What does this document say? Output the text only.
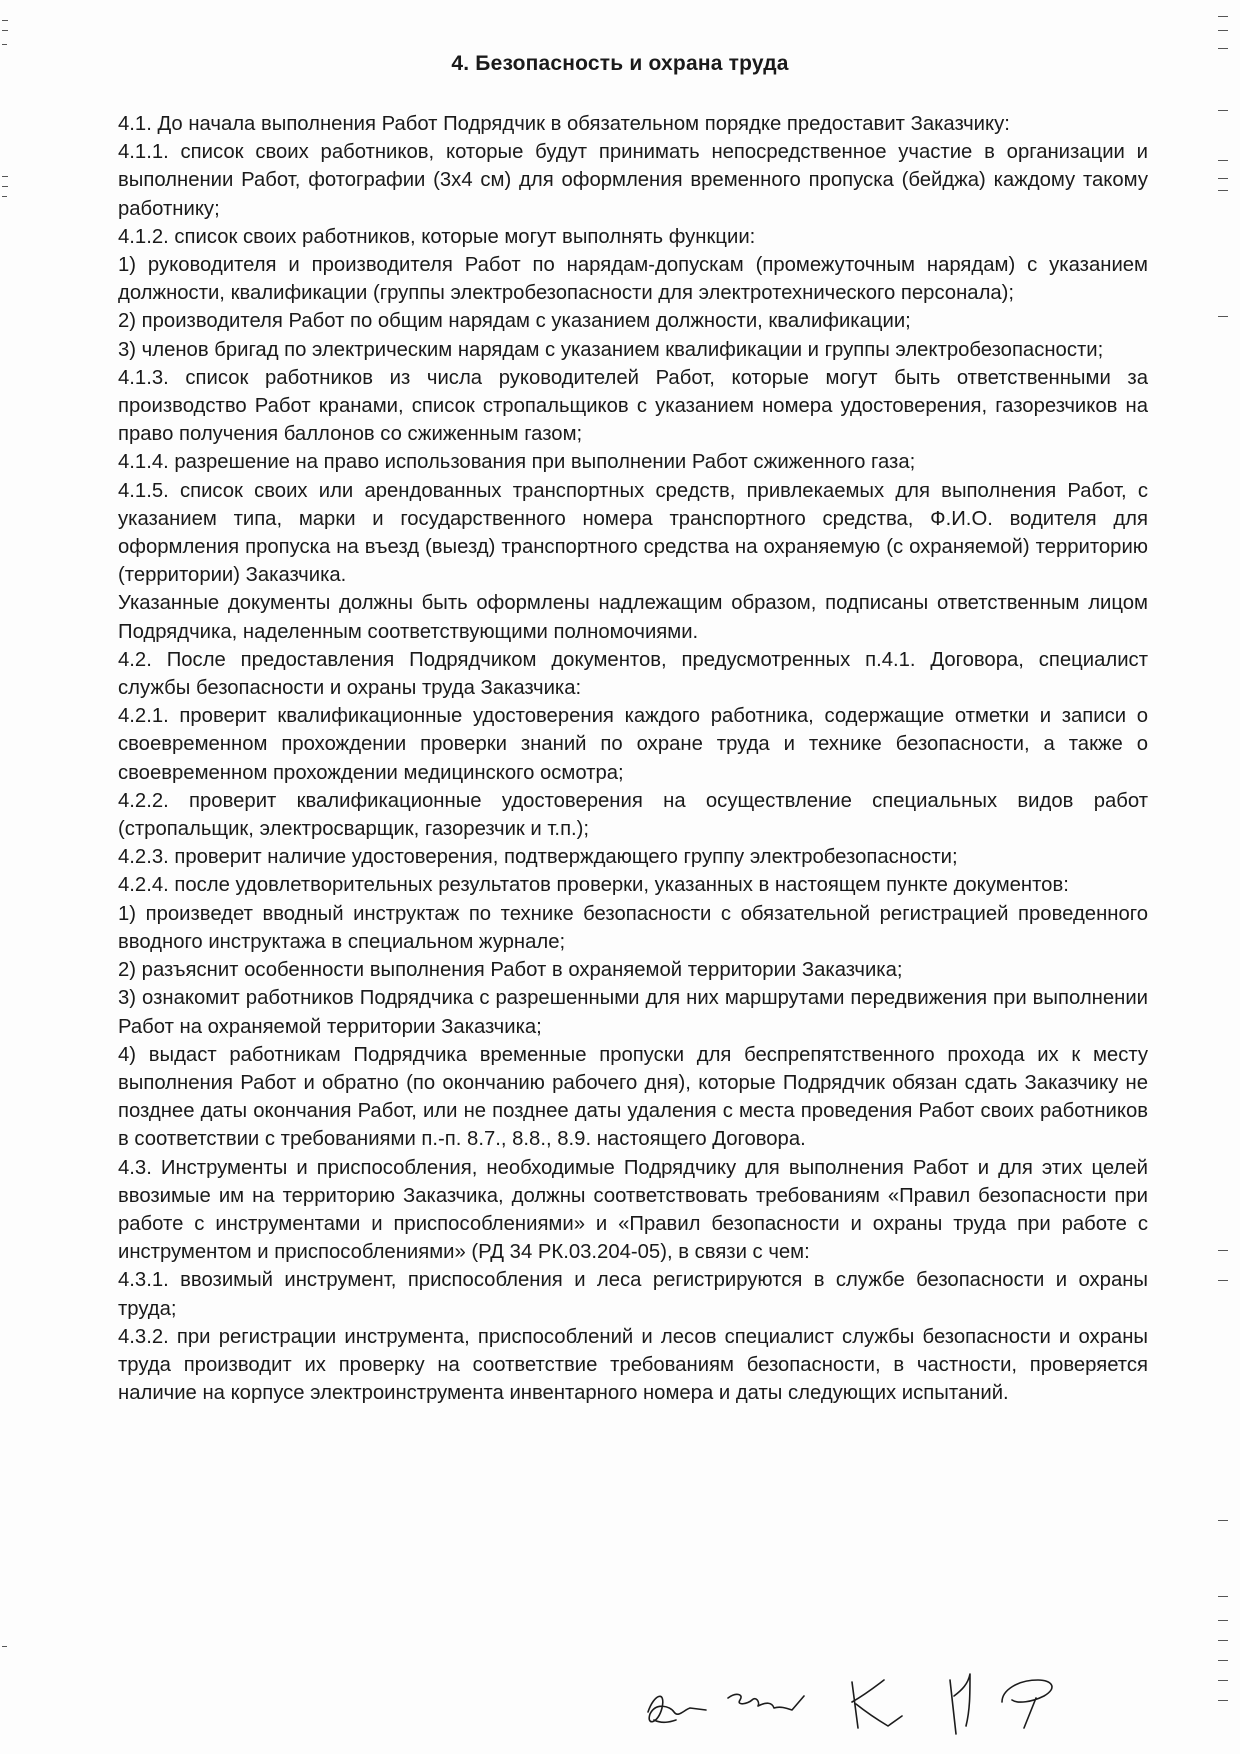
4. Безопасность и охрана труда

4.1. До начала выполнения Работ Подрядчик в обязательном порядке предоставит Заказчику:

4.1.1. список своих работников, которые будут принимать непосредственное участие в организации и выполнении Работ, фотографии (3х4 см) для оформления временного пропуска (бейджа) каждому такому работнику;

4.1.2. список своих работников, которые могут выполнять функции:

1) руководителя и производителя Работ по нарядам-допускам (промежуточным нарядам) с указанием должности, квалификации (группы электробезопасности для электротехнического персонала);

2) производителя Работ по общим нарядам с указанием должности, квалификации;

3) членов бригад по электрическим нарядам с указанием квалификации и группы электробезопасности;

4.1.3. список работников из числа руководителей Работ, которые могут быть ответственными за производство Работ кранами, список стропальщиков с указанием номера удостоверения, газорезчиков на право получения баллонов со сжиженным газом;

4.1.4. разрешение на право использования при выполнении Работ сжиженного газа;

4.1.5. список своих или арендованных транспортных средств, привлекаемых для выполнения Работ, с указанием типа, марки и государственного номера транспортного средства, Ф.И.О. водителя для оформления пропуска на въезд (выезд) транспортного средства на охраняемую (с охраняемой) территорию (территории) Заказчика.

Указанные документы должны быть оформлены надлежащим образом, подписаны ответственным лицом Подрядчика, наделенным соответствующими полномочиями.

4.2. После предоставления Подрядчиком документов, предусмотренных п.4.1. Договора, специалист службы безопасности и охраны труда Заказчика:

4.2.1. проверит квалификационные удостоверения каждого работника, содержащие отметки и записи о своевременном прохождении проверки знаний по охране труда и технике безопасности, а также о своевременном прохождении медицинского осмотра;

4.2.2. проверит квалификационные удостоверения на осуществление специальных видов работ (стропальщик, электросварщик, газорезчик и т.п.);

4.2.3. проверит наличие удостоверения, подтверждающего группу электробезопасности;

4.2.4. после удовлетворительных результатов проверки, указанных в настоящем пункте документов:

1) произведет вводный инструктаж по технике безопасности с обязательной регистрацией проведенного вводного инструктажа в специальном журнале;

2) разъяснит особенности выполнения Работ в охраняемой территории Заказчика;

3) ознакомит работников Подрядчика с разрешенными для них маршрутами передвижения при выполнении Работ на охраняемой территории Заказчика;

4) выдаст работникам Подрядчика временные пропуски для беспрепятственного прохода их к месту выполнения Работ и обратно (по окончанию рабочего дня), которые Подрядчик обязан сдать Заказчику не позднее даты окончания Работ, или не позднее даты удаления с места проведения Работ своих работников в соответствии с требованиями п.-п. 8.7., 8.8., 8.9. настоящего Договора.

4.3. Инструменты и приспособления, необходимые Подрядчику для выполнения Работ и для этих целей ввозимые им на территорию Заказчика, должны соответствовать требованиям «Правил безопасности при работе с инструментами и приспособлениями» и «Правил безопасности и охраны труда при работе с инструментом и приспособлениями» (РД 34 РК.03.204-05), в связи с чем:

4.3.1. ввозимый инструмент, приспособления и леса регистрируются в службе безопасности и охраны труда;

4.3.2. при регистрации инструмента, приспособлений и лесов специалист службы безопасности и охраны труда производит их проверку на соответствие требованиям безопасности, в частности, проверяется наличие на корпусе электроинструмента инвентарного номера и даты следующих испытаний.
